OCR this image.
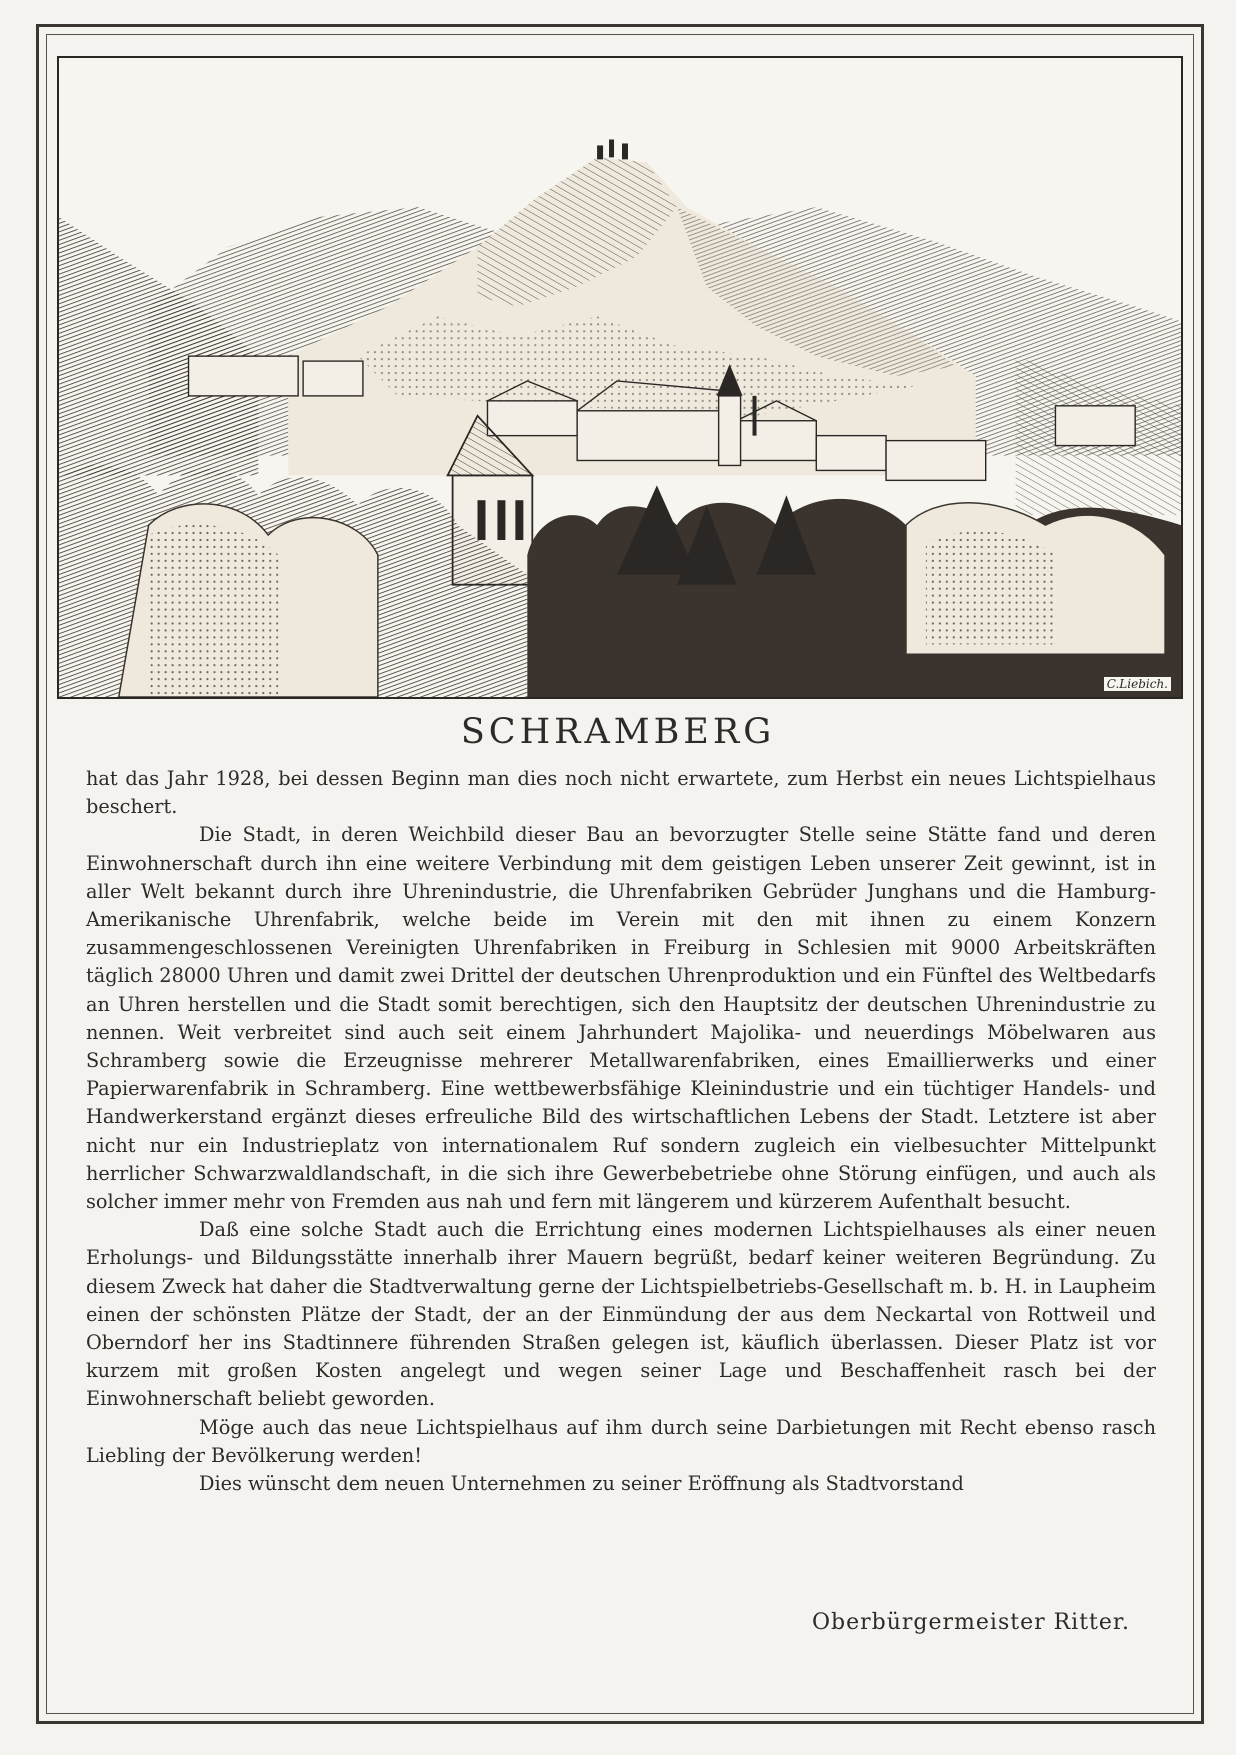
C.Liebich.
SCHRAMBERG

hat das Jahr 1928, bei dessen Beginn man dies noch nicht erwartete, zum Herbst ein neues Lichtspielhaus beschert.

Die Stadt, in deren Weichbild dieser Bau an bevorzugter Stelle seine Stätte fand und deren Einwohnerschaft durch ihn eine weitere Verbindung mit dem geistigen Leben unserer Zeit gewinnt, ist in aller Welt bekannt durch ihre Uhrenindustrie, die Uhrenfabriken Gebrüder Junghans und die Hamburg-Amerikanische Uhrenfabrik, welche beide im Verein mit den mit ihnen zu einem Konzern zusammengeschlossenen Vereinigten Uhrenfabriken in Freiburg in Schlesien mit 9000 Arbeitskräften täglich 28000 Uhren und damit zwei Drittel der deutschen Uhrenproduktion und ein Fünftel des Weltbedarfs an Uhren herstellen und die Stadt somit berechtigen, sich den Hauptsitz der deutschen Uhrenindustrie zu nennen. Weit verbreitet sind auch seit einem Jahrhundert Majolika- und neuerdings Möbelwaren aus Schramberg sowie die Erzeugnisse mehrerer Metallwarenfabriken, eines Emaillierwerks und einer Papierwarenfabrik in Schramberg. Eine wettbewerbsfähige Kleinindustrie und ein tüchtiger Handels- und Handwerkerstand ergänzt dieses erfreuliche Bild des wirtschaftlichen Lebens der Stadt. Letztere ist aber nicht nur ein Industrieplatz von internationalem Ruf sondern zugleich ein vielbesuchter Mittelpunkt herrlicher Schwarzwaldlandschaft, in die sich ihre Gewerbebetriebe ohne Störung einfügen, und auch als solcher immer mehr von Fremden aus nah und fern mit längerem und kürzerem Aufenthalt besucht.

Daß eine solche Stadt auch die Errichtung eines modernen Lichtspielhauses als einer neuen Erholungs- und Bildungsstätte innerhalb ihrer Mauern begrüßt, bedarf keiner weiteren Begründung. Zu diesem Zweck hat daher die Stadtverwaltung gerne der Lichtspielbetriebs-Gesellschaft m. b. H. in Laupheim einen der schönsten Plätze der Stadt, der an der Einmündung der aus dem Neckartal von Rottweil und Oberndorf her ins Stadtinnere führenden Straßen gelegen ist, käuflich überlassen. Dieser Platz ist vor kurzem mit großen Kosten angelegt und wegen seiner Lage und Beschaffenheit rasch bei der Einwohnerschaft beliebt geworden.

Möge auch das neue Lichtspielhaus auf ihm durch seine Darbietungen mit Recht ebenso rasch Liebling der Bevölkerung werden!

Dies wünscht dem neuen Unternehmen zu seiner Eröffnung als Stadtvorstand

Oberbürgermeister Ritter.
